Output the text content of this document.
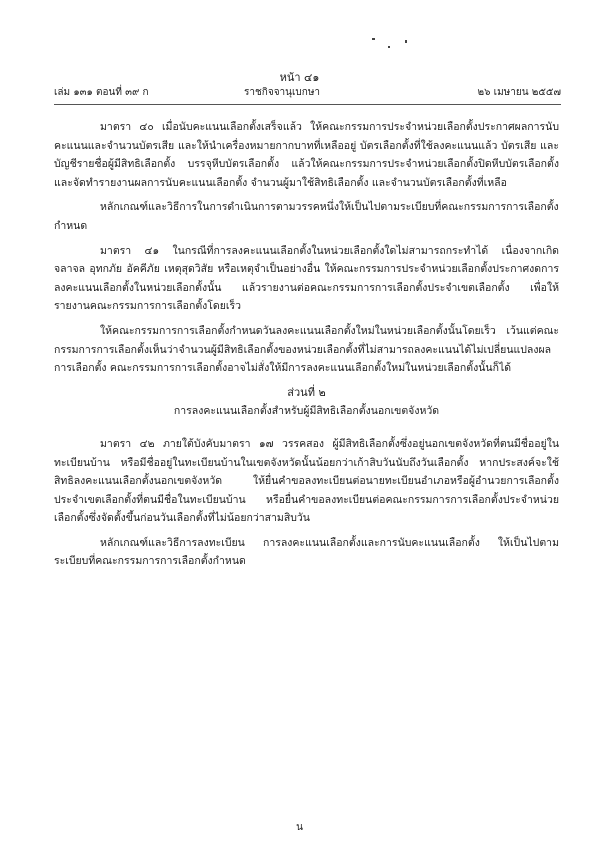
หน้า ๔๑
เล่ม ๑๓๑ ตอนที่ ๓๙ ก	ราชกิจจานุเบกษา	๒๖ เมษายน ๒๕๕๗

มาตรา ๔๐ เมื่อนับคะแนนเลือกตั้งเสร็จแล้ว ให้คณะกรรมการประจำหน่วยเลือกตั้งประกาศผลการนับคะแนนและจำนวนบัตรเสีย และให้นำเครื่องหมายกากบาทที่เหลืออยู่ บัตรเลือกตั้งที่ใช้ลงคะแนนแล้ว บัตรเสีย และบัญชีรายชื่อผู้มีสิทธิเลือกตั้ง บรรจุหีบบัตรเลือกตั้ง แล้วให้คณะกรรมการประจำหน่วยเลือกตั้งปิดหีบบัตรเลือกตั้งและจัดทำรายงานผลการนับคะแนนเลือกตั้ง จำนวนผู้มาใช้สิทธิเลือกตั้ง และจำนวนบัตรเลือกตั้งที่เหลือ

หลักเกณฑ์และวิธีการในการดำเนินการตามวรรคหนึ่งให้เป็นไปตามระเบียบที่คณะกรรมการการเลือกตั้งกำหนด

มาตรา ๔๑ ในกรณีที่การลงคะแนนเลือกตั้งในหน่วยเลือกตั้งใดไม่สามารถกระทำได้ เนื่องจากเกิดจลาจล อุทกภัย อัคคีภัย เหตุสุดวิสัย หรือเหตุจำเป็นอย่างอื่น ให้คณะกรรมการประจำหน่วยเลือกตั้งประกาศงดการลงคะแนนเลือกตั้งในหน่วยเลือกตั้งนั้น แล้วรายงานต่อคณะกรรมการการเลือกตั้งประจำเขตเลือกตั้ง เพื่อให้รายงานคณะกรรมการการเลือกตั้งโดยเร็ว

ให้คณะกรรมการการเลือกตั้งกำหนดวันลงคะแนนเลือกตั้งใหม่ในหน่วยเลือกตั้งนั้นโดยเร็ว เว้นแต่คณะกรรมการการเลือกตั้งเห็นว่าจำนวนผู้มีสิทธิเลือกตั้งของหน่วยเลือกตั้งที่ไม่สามารถลงคะแนนได้ไม่เปลี่ยนแปลงผลการเลือกตั้ง คณะกรรมการการเลือกตั้งอาจไม่สั่งให้มีการลงคะแนนเลือกตั้งใหม่ในหน่วยเลือกตั้งนั้นก็ได้

ส่วนที่ ๒

การลงคะแนนเลือกตั้งสำหรับผู้มีสิทธิเลือกตั้งนอกเขตจังหวัด

มาตรา ๔๒ ภายใต้บังคับมาตรา ๑๗ วรรคสอง ผู้มีสิทธิเลือกตั้งซึ่งอยู่นอกเขตจังหวัดที่ตนมีชื่ออยู่ในทะเบียนบ้าน หรือมีชื่ออยู่ในทะเบียนบ้านในเขตจังหวัดนั้นน้อยกว่าเก้าสิบวันนับถึงวันเลือกตั้ง หากประสงค์จะใช้สิทธิลงคะแนนเลือกตั้งนอกเขตจังหวัด ให้ยื่นคำขอลงทะเบียนต่อนายทะเบียนอำเภอหรือผู้อำนวยการเลือกตั้งประจำเขตเลือกตั้งที่ตนมีชื่อในทะเบียนบ้าน หรือยื่นคำขอลงทะเบียนต่อคณะกรรมการการเลือกตั้งประจำหน่วยเลือกตั้งซึ่งจัดตั้งขึ้นก่อนวันเลือกตั้งที่ไม่น้อยกว่าสามสิบวัน

หลักเกณฑ์และวิธีการลงทะเบียน การลงคะแนนเลือกตั้งและการนับคะแนนเลือกตั้ง ให้เป็นไปตามระเบียบที่คณะกรรมการการเลือกตั้งกำหนด

น
